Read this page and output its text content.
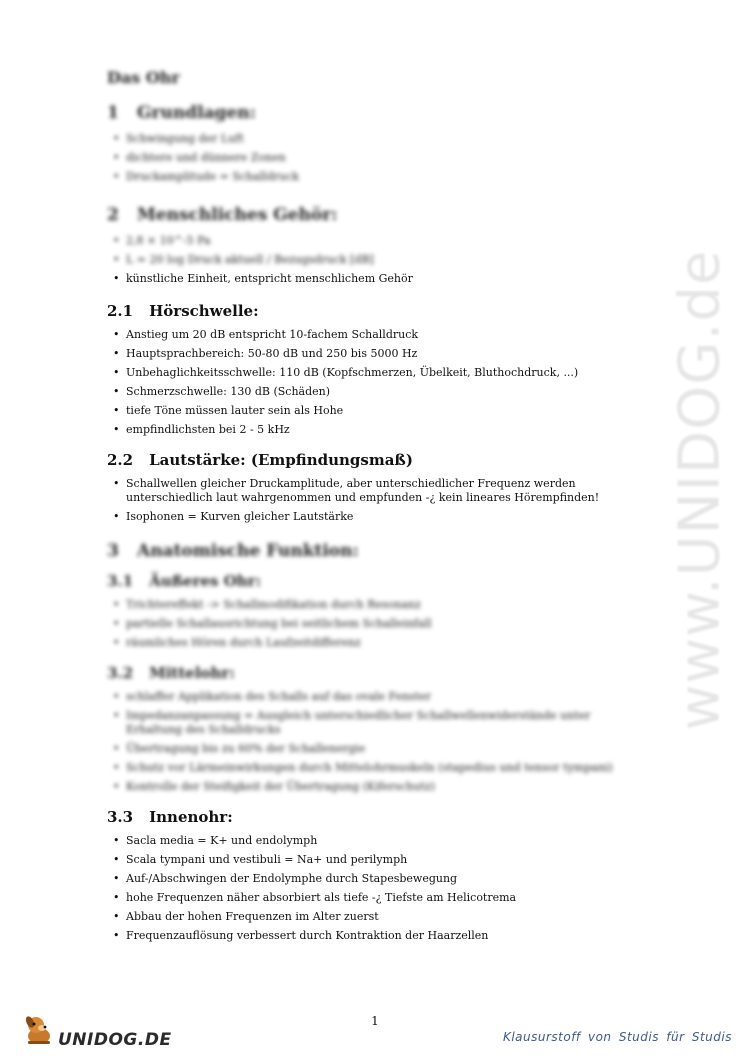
www.UNIDOG.de
Das Ohr
1 Grundlagen:
• Schwingung der Luft
• dichtere und dünnere Zonen
• Druckamplitude = Schalldruck
2 Menschliches Gehör:
• 2,8 × 10^-5 Pa
• L = 20 log Druck aktuell / Bezugsdruck [dB]
• künstliche Einheit, entspricht menschlichem Gehör
2.1 Hörschwelle:
• Anstieg um 20 dB entspricht 10-fachem Schalldruck
• Hauptsprachbereich: 50-80 dB und 250 bis 5000 Hz
• Unbehaglichkeitsschwelle: 110 dB (Kopfschmerzen, Übelkeit, Bluthochdruck, ...)
• Schmerzschwelle: 130 dB (Schäden)
• tiefe Töne müssen lauter sein als Hohe
• empfindlichsten bei 2 - 5 kHz
2.2 Lautstärke: (Empfindungsmaß)
• Schallwellen gleicher Druckamplitude, aber unterschiedlicher Frequenz werden unterschiedlich laut wahrgenommen und empfunden -¿ kein lineares Hörempfinden!
• Isophonen = Kurven gleicher Lautstärke
3 Anatomische Funktion:
3.1 Äußeres Ohr:
• Trichtereffekt -> Schallmodifikation durch Resonanz
• partielle Schallausrichtung bei seitlichem Schalleinfall
• räumliches Hören durch Laufzeitdifferenz
3.2 Mittelohr:
• schlaffer Applikation des Schalls auf das ovale Fenster
• Impedanzanpassung = Ausgleich unterschiedlicher Schallwellenwiderstände unter Erhaltung des Schalldrucks
• Übertragung bis zu 60% der Schallenergie
• Schutz vor Lärmeinwirkungen durch Mittelohrmuskeln (stapedius und tensor tympani)
• Kontrolle der Steifigkeit der Übertragung (Kiferschutz)
3.3 Innenohr:
• Sacla media = K+ und endolymph
• Scala tympani und vestibuli = Na+ und perilymph
• Auf-/Abschwingen der Endolymphe durch Stapesbewegung
• hohe Frequenzen näher absorbiert als tiefe -¿ Tiefste am Helicotrema
• Abbau der hohen Frequenzen im Alter zuerst
• Frequenzauflösung verbessert durch Kontraktion der Haarzellen
1
UNIDOG.DE	Klausurstoff von Studis für Studis
